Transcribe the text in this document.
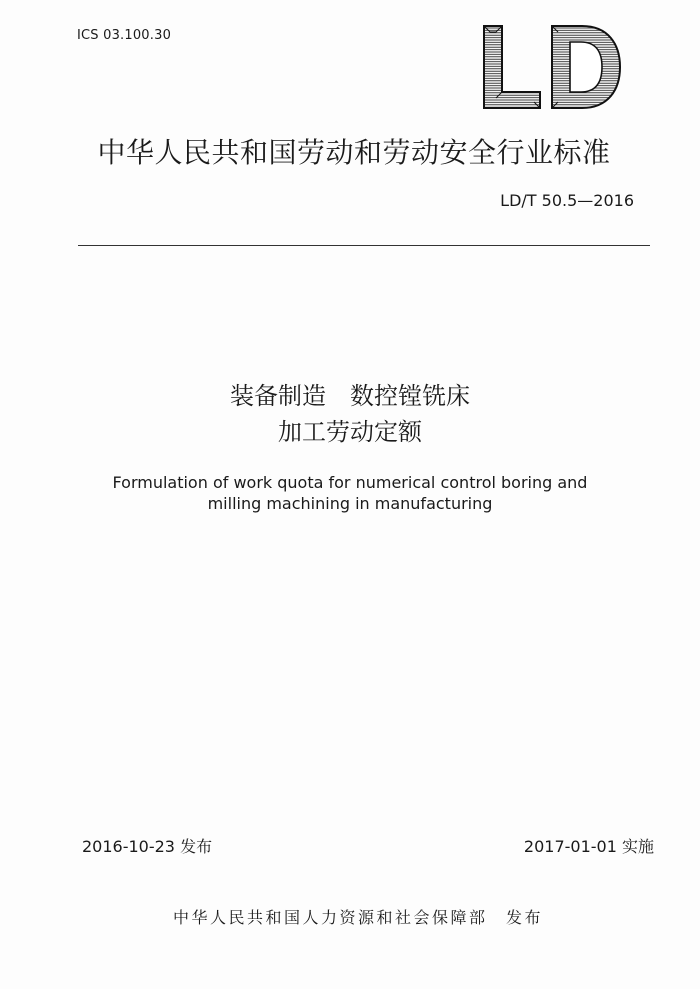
ICS 03.100.30
中华人民共和国劳动和劳动安全行业标准
LD/T 50.5—2016
装备制造　数控镗铣床
加工劳动定额
Formulation of work quota for numerical control boring and
milling machining in manufacturing
2016-10-23 发布	2017-01-01 实施
中华人民共和国人力资源和社会保障部　发布
